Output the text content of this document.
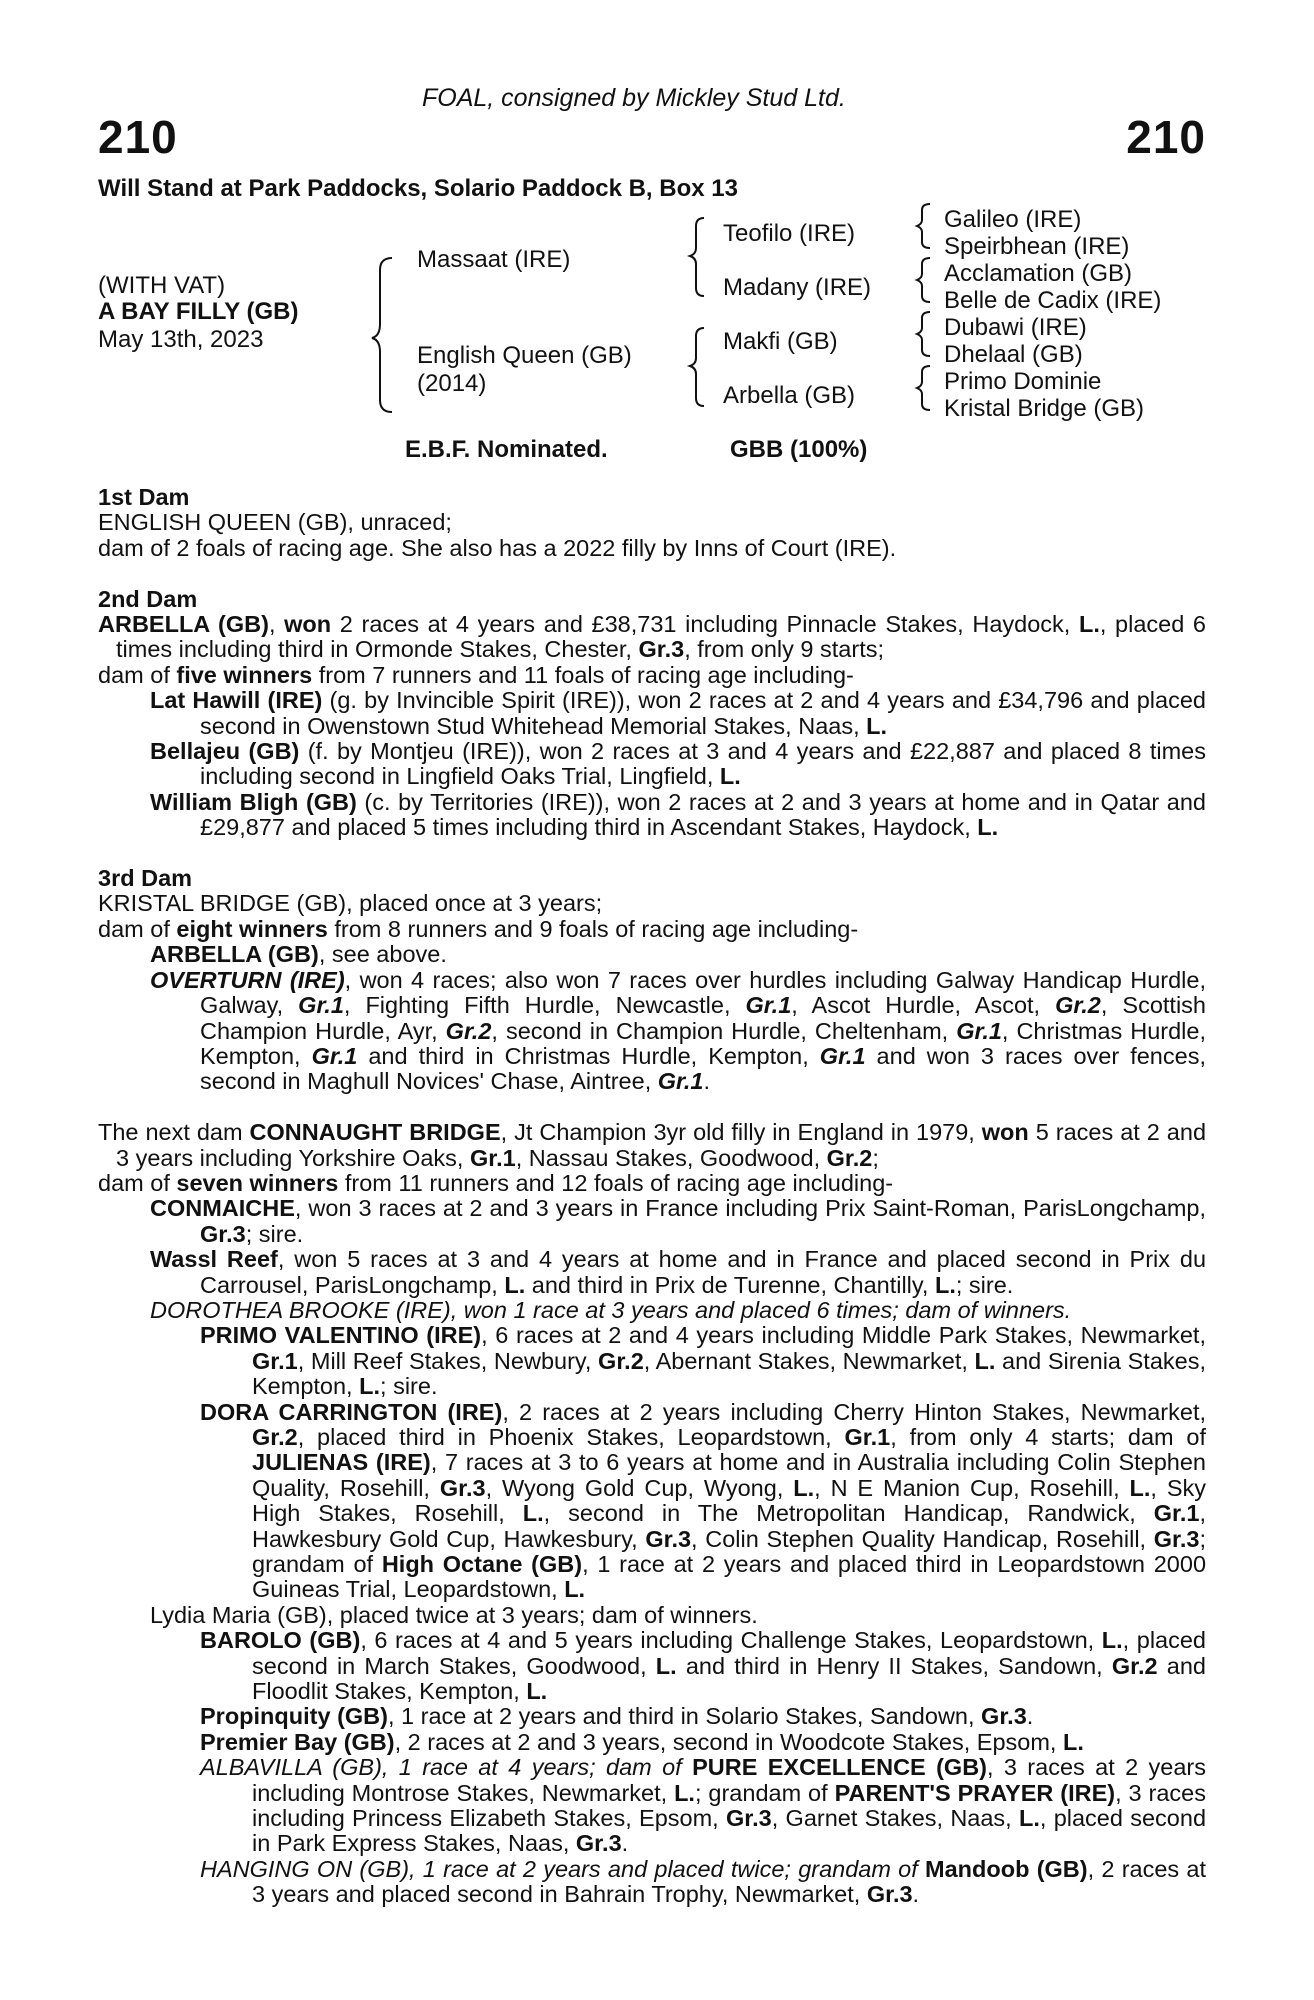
FOAL, consigned by Mickley Stud Ltd.
210	210
Will Stand at Park Paddocks, Solario Paddock B, Box 13
(WITH VAT)
A BAY FILLY (GB)
May 13th, 2023
Massaat (IRE)
English Queen (GB)
(2014)
Teofilo (IRE)
Madany (IRE)
Makfi (GB)
Arbella (GB)
Galileo (IRE)
Speirbhean (IRE)
Acclamation (GB)
Belle de Cadix (IRE)
Dubawi (IRE)
Dhelaal (GB)
Primo Dominie
Kristal Bridge (GB)
E.B.F. Nominated.	GBB (100%)

1st Dam

ENGLISH QUEEN (GB), unraced;

dam of 2 foals of racing age. She also has a 2022 filly by Inns of Court (IRE).

2nd Dam

ARBELLA (GB), won 2 races at 4 years and £38,731 including Pinnacle Stakes, Haydock, L., placed 6 times including third in Ormonde Stakes, Chester, Gr.3, from only 9 starts;

dam of five winners from 7 runners and 11 foals of racing age including-

Lat Hawill (IRE) (g. by Invincible Spirit (IRE)), won 2 races at 2 and 4 years and £34,796 and placed second in Owenstown Stud Whitehead Memorial Stakes, Naas, L.

Bellajeu (GB) (f. by Montjeu (IRE)), won 2 races at 3 and 4 years and £22,887 and placed 8 times including second in Lingfield Oaks Trial, Lingfield, L.

William Bligh (GB) (c. by Territories (IRE)), won 2 races at 2 and 3 years at home and in Qatar and £29,877 and placed 5 times including third in Ascendant Stakes, Haydock, L.

3rd Dam

KRISTAL BRIDGE (GB), placed once at 3 years;

dam of eight winners from 8 runners and 9 foals of racing age including-

ARBELLA (GB), see above.

OVERTURN (IRE), won 4 races; also won 7 races over hurdles including Galway Handicap Hurdle, Galway, Gr.1, Fighting Fifth Hurdle, Newcastle, Gr.1, Ascot Hurdle, Ascot, Gr.2, Scottish Champion Hurdle, Ayr, Gr.2, second in Champion Hurdle, Cheltenham, Gr.1, Christmas Hurdle, Kempton, Gr.1 and third in Christmas Hurdle, Kempton, Gr.1 and won 3 races over fences, second in Maghull Novices' Chase, Aintree, Gr.1.

The next dam CONNAUGHT BRIDGE, Jt Champion 3yr old filly in England in 1979, won 5 races at 2 and 3 years including Yorkshire Oaks, Gr.1, Nassau Stakes, Goodwood, Gr.2;

dam of seven winners from 11 runners and 12 foals of racing age including-

CONMAICHE, won 3 races at 2 and 3 years in France including Prix Saint-Roman, ParisLongchamp, Gr.3; sire.

Wassl Reef, won 5 races at 3 and 4 years at home and in France and placed second in Prix du Carrousel, ParisLongchamp, L. and third in Prix de Turenne, Chantilly, L.; sire.

DOROTHEA BROOKE (IRE), won 1 race at 3 years and placed 6 times; dam of winners.

PRIMO VALENTINO (IRE), 6 races at 2 and 4 years including Middle Park Stakes, Newmarket, Gr.1, Mill Reef Stakes, Newbury, Gr.2, Abernant Stakes, Newmarket, L. and Sirenia Stakes, Kempton, L.; sire.

DORA CARRINGTON (IRE), 2 races at 2 years including Cherry Hinton Stakes, Newmarket, Gr.2, placed third in Phoenix Stakes, Leopardstown, Gr.1, from only 4 starts; dam of JULIENAS (IRE), 7 races at 3 to 6 years at home and in Australia including Colin Stephen Quality, Rosehill, Gr.3, Wyong Gold Cup, Wyong, L., N E Manion Cup, Rosehill, L., Sky High Stakes, Rosehill, L., second in The Metropolitan Handicap, Randwick, Gr.1, Hawkesbury Gold Cup, Hawkesbury, Gr.3, Colin Stephen Quality Handicap, Rosehill, Gr.3; grandam of High Octane (GB), 1 race at 2 years and placed third in Leopardstown 2000 Guineas Trial, Leopardstown, L.

Lydia Maria (GB), placed twice at 3 years; dam of winners.

BAROLO (GB), 6 races at 4 and 5 years including Challenge Stakes, Leopardstown, L., placed second in March Stakes, Goodwood, L. and third in Henry II Stakes, Sandown, Gr.2 and Floodlit Stakes, Kempton, L.

Propinquity (GB), 1 race at 2 years and third in Solario Stakes, Sandown, Gr.3.

Premier Bay (GB), 2 races at 2 and 3 years, second in Woodcote Stakes, Epsom, L.

ALBAVILLA (GB), 1 race at 4 years; dam of PURE EXCELLENCE (GB), 3 races at 2 years including Montrose Stakes, Newmarket, L.; grandam of PARENT'S PRAYER (IRE), 3 races including Princess Elizabeth Stakes, Epsom, Gr.3, Garnet Stakes, Naas, L., placed second in Park Express Stakes, Naas, Gr.3.

HANGING ON (GB), 1 race at 2 years and placed twice; grandam of Mandoob (GB), 2 races at 3 years and placed second in Bahrain Trophy, Newmarket, Gr.3.
